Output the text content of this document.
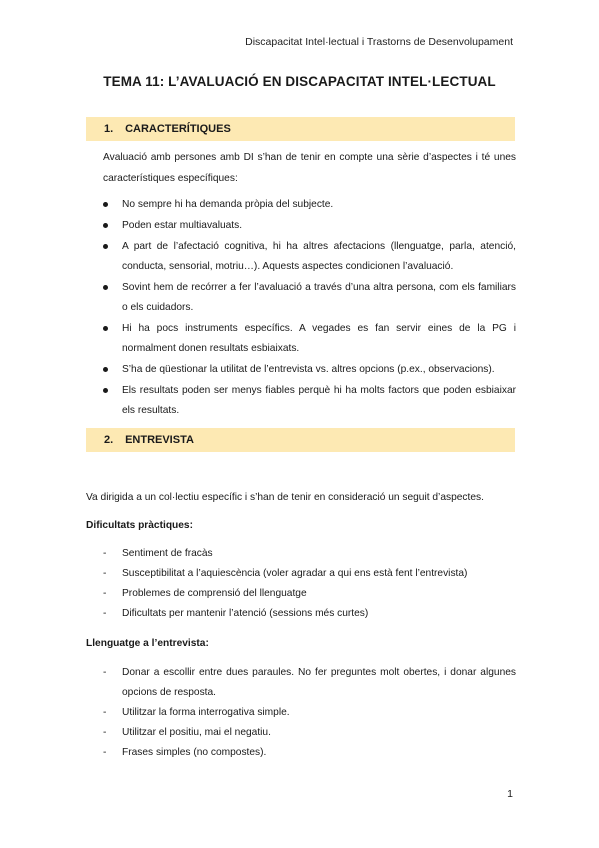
Discapacitat Intel·lectual i Trastorns de Desenvolupament
TEMA 11: L’AVALUACIÓ EN DISCAPACITAT INTEL·LECTUAL
1. CARACTERÍTIQUES
Avaluació amb persones amb DI s’han de tenir en compte una sèrie d’aspectes i té unes característiques específiques:
No sempre hi ha demanda pròpia del subjecte.
Poden estar multiavaluats.
A part de l’afectació cognitiva, hi ha altres afectacions (llenguatge, parla, atenció, conducta, sensorial, motriu…). Aquests aspectes condicionen l’avaluació.
Sovint hem de recórrer a fer l’avaluació a través d’una altra persona, com els familiars o els cuidadors.
Hi ha pocs instruments específics. A vegades es fan servir eines de la PG i normalment donen resultats esbiaixats.
S’ha de qüestionar la utilitat de l’entrevista vs. altres opcions (p.ex., observacions).
Els resultats poden ser menys fiables perquè hi ha molts factors que poden esbiaixar els resultats.
2. ENTREVISTA
Va dirigida a un col·lectiu específic i s’han de tenir en consideració un seguit d’aspectes.
Dificultats pràctiques:
- Sentiment de fracàs
- Susceptibilitat a l’aquiescència (voler agradar a qui ens està fent l’entrevista)
- Problemes de comprensió del llenguatge
- Dificultats per mantenir l’atenció (sessions més curtes)
Llenguatge a l’entrevista:
- Donar a escollir entre dues paraules. No fer preguntes molt obertes, i donar algunes opcions de resposta.
- Utilitzar la forma interrogativa simple.
- Utilitzar el positiu, mai el negatiu.
- Frases simples (no compostes).
1
